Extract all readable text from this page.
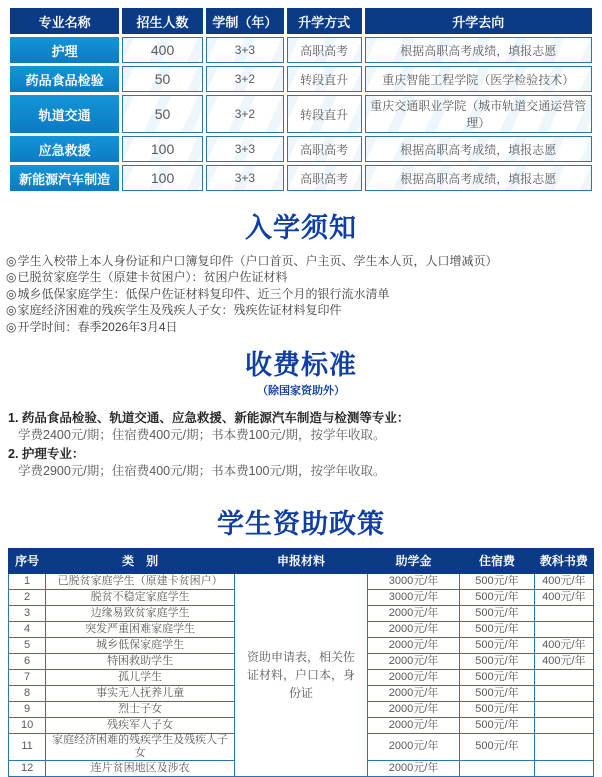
专业名称	招生人数	学制（年）	升学方式	升学去向
护理	400	3+3	高职高考	根据高职高考成绩，填报志愿
药品食品检验	50	3+2	转段直升	重庆智能工程学院（医学检验技术）
轨道交通	50	3+2	转段直升	重庆交通职业学院（城市轨道交通运营管理）
应急救援	100	3+3	高职高考	根据高职高考成绩，填报志愿
新能源汽车制造	100	3+3	高职高考	根据高职高考成绩，填报志愿
入学须知
◎学生入校带上本人身份证和户口簿复印件（户口首页、户主页、学生本人页，人口增减页）
◎已脱贫家庭学生（原建卡贫困户）：贫困户佐证材料
◎城乡低保家庭学生：低保户佐证材料复印件、近三个月的银行流水清单
◎家庭经济困难的残疾学生及残疾人子女：残疾佐证材料复印件
◎开学时间：春季2026年3月4日
收费标准
（除国家资助外）
1. 药品食品检验、轨道交通、应急救援、新能源汽车制造与检测等专业：
学费2400元/期；住宿费400元/期；书本费100元/期，按学年收取。
2. 护理专业：
学费2900元/期；住宿费400元/期；书本费100元/期，按学年收取。
学生资助政策
序号	类　别	申报材料	助学金	住宿费	教科书费
1	已脱贫家庭学生（原建卡贫困户）	资助申请表，相关佐证材料，户口本，身份证	3000元/年	500元/年	400元/年
2	脱贫不稳定家庭学生		3000元/年	500元/年	400元/年
3	边缘易致贫家庭学生		2000元/年	500元/年	
4	突发严重困难家庭学生		2000元/年	500元/年	
5	城乡低保家庭学生		2000元/年	500元/年	400元/年
6	特困救助学生		2000元/年	500元/年	400元/年
7	孤儿学生		2000元/年	500元/年	
8	事实无人抚养儿童		2000元/年	500元/年	
9	烈士子女		2000元/年	500元/年	
10	残疾军人子女		2000元/年	500元/年	
11	家庭经济困难的残疾学生及残疾人子女		2000元/年	500元/年	
12	连片贫困地区及涉农		2000元/年		
